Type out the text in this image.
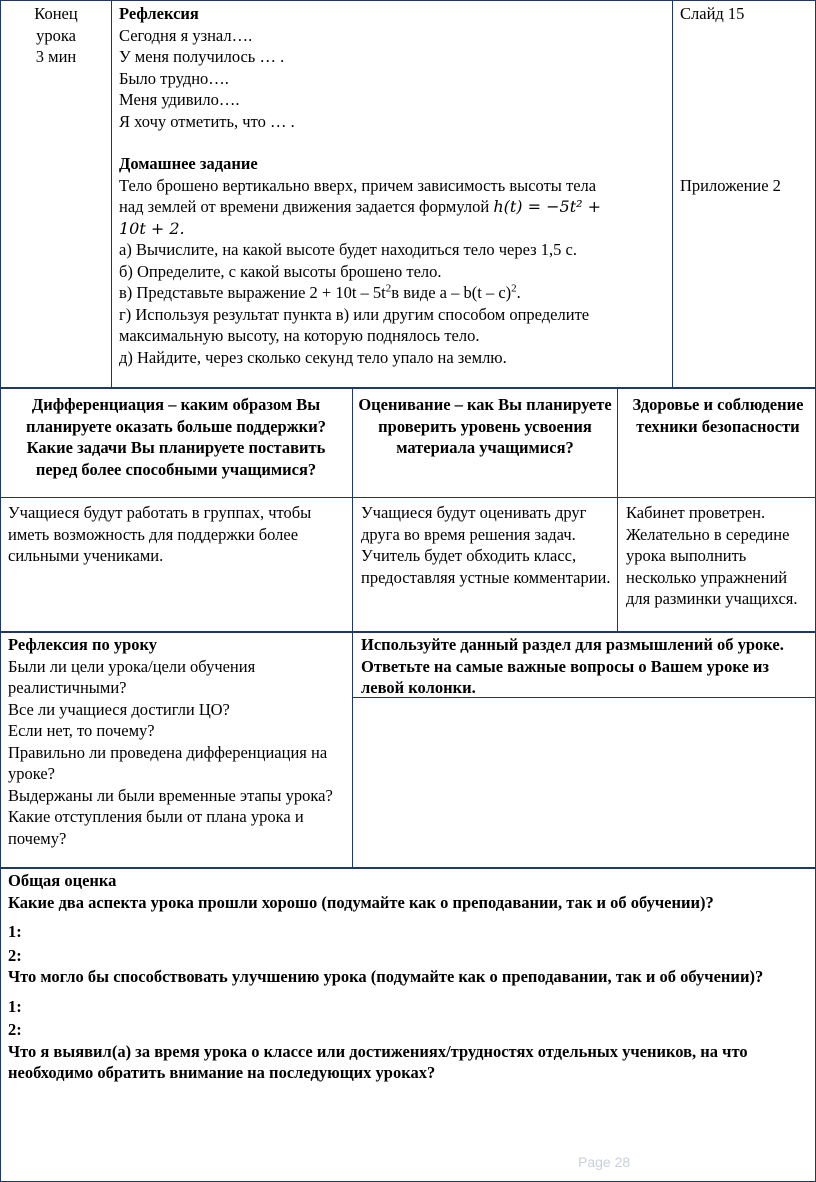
Конец
урока
3 мин
Рефлексия
Сегодня я узнал….
У меня получилось … .
Было трудно….
Меня удивило….
Я хочу отметить, что … .
Домашнее задание
Тело брошено вертикально вверх, причем зависимость высоты тела
над землей от времени движения задается формулой h(t) = −5t² +
10t + 2.
а) Вычислите, на какой высоте будет находиться тело через 1,5 с.
б) Определите, с какой высоты брошено тело.
в) Представьте выражение $2 + 10t - 5t^2в$ виде a – b(t – c)$^2$.
г) Используя результат пункта в) или другим способом определите
максимальную высоту, на которую поднялось тело.
д) Найдите, через сколько секунд тело упало на землю.
Слайд 15
Приложение 2
Дифференциация – каким образом Вы планируете оказать больше поддержки? Какие задачи Вы планируете поставить перед более способными учащимися?
Оценивание – как Вы планируете проверить уровень усвоения материала учащимися?
Здоровье и соблюдение техники безопасности
Учащиеся будут работать в группах, чтобы иметь возможность для поддержки более сильными учениками.
Учащиеся будут оценивать друг друга во время решения задач.
Учитель будет обходить класс, предоставляя устные комментарии.
Кабинет проветрен. Желательно в середине урока выполнить несколько упражнений для разминки учащихся.
Рефлексия по уроку
Были ли цели урока/цели обучения реалистичными?
Все ли учащиеся достигли ЦО?
Если нет, то почему?
Правильно ли проведена дифференциация на уроке?
Выдержаны ли были временные этапы урока?
Какие отступления были от плана урока и почему?
Используйте данный раздел для размышлений об уроке. Ответьте на самые важные вопросы о Вашем уроке из левой колонки.
Общая оценка
Какие два аспекта урока прошли хорошо (подумайте как о преподавании, так и об обучении)?
1:
2:
Что могло бы способствовать улучшению урока (подумайте как о преподавании, так и об обучении)?
1:
2:
Что я выявил(а) за время урока о классе или достижениях/трудностях отдельных учеников, на что необходимо обратить внимание на последующих уроках?
Page 28
